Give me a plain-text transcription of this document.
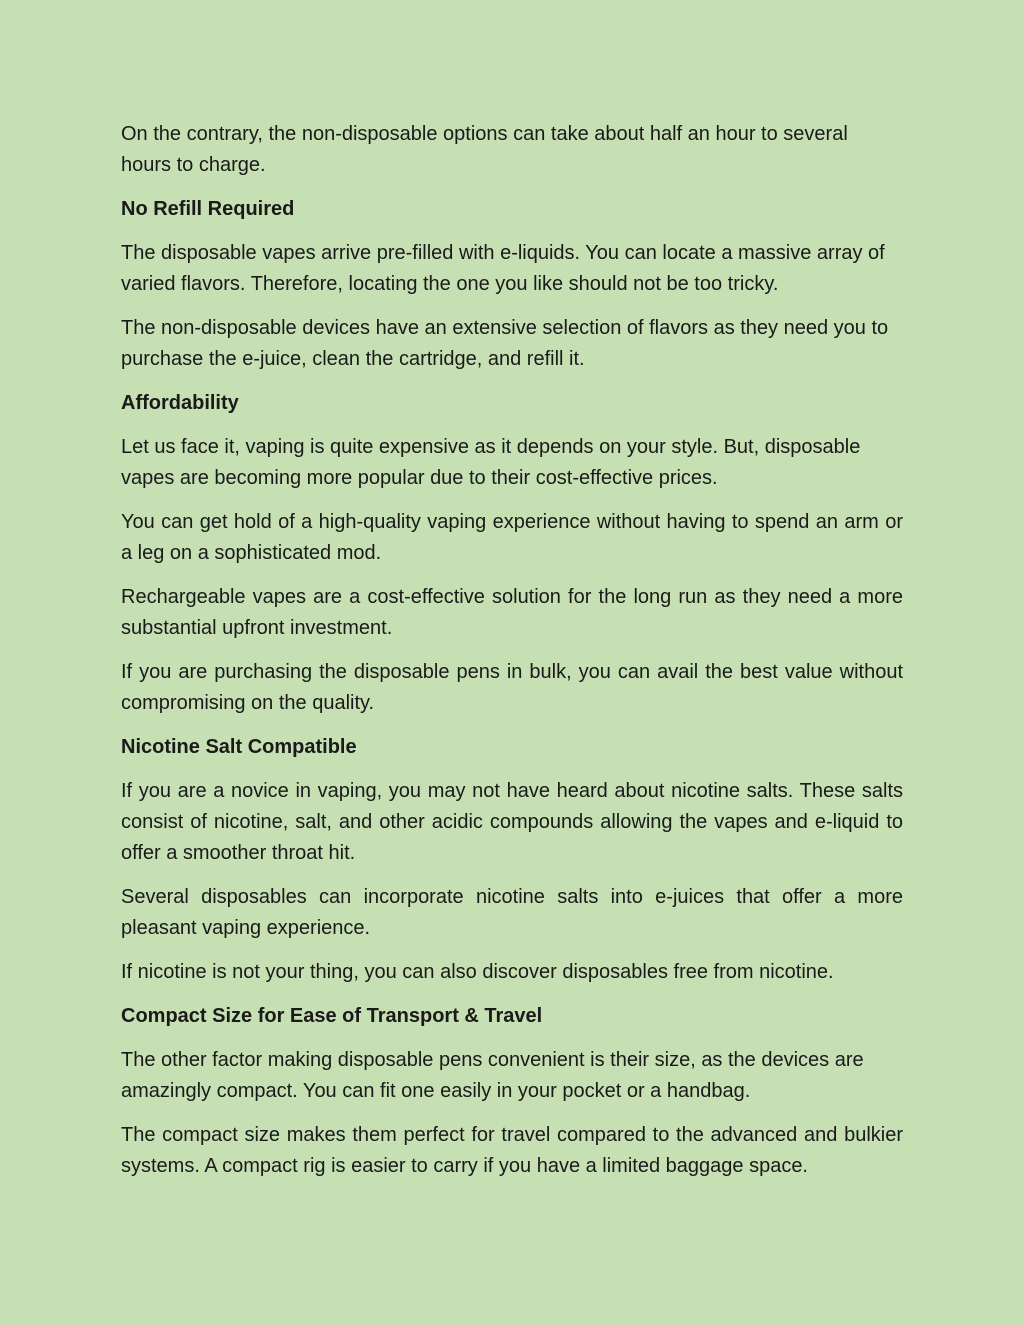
On the contrary, the non-disposable options can take about half an hour to several hours to charge.

No Refill Required

The disposable vapes arrive pre-filled with e-liquids. You can locate a massive array of varied flavors. Therefore, locating the one you like should not be too tricky.

The non-disposable devices have an extensive selection of flavors as they need you to purchase the e-juice, clean the cartridge, and refill it.

Affordability

Let us face it, vaping is quite expensive as it depends on your style. But, disposable vapes are becoming more popular due to their cost-effective prices.

You can get hold of a high-quality vaping experience without having to spend an arm or a leg on a sophisticated mod.

Rechargeable vapes are a cost-effective solution for the long run as they need a more substantial upfront investment.

If you are purchasing the disposable pens in bulk, you can avail the best value without compromising on the quality.

Nicotine Salt Compatible

If you are a novice in vaping, you may not have heard about nicotine salts. These salts consist of nicotine, salt, and other acidic compounds allowing the vapes and e-liquid to offer a smoother throat hit.

Several disposables can incorporate nicotine salts into e-juices that offer a more pleasant vaping experience.

If nicotine is not your thing, you can also discover disposables free from nicotine.

Compact Size for Ease of Transport & Travel

The other factor making disposable pens convenient is their size, as the devices are amazingly compact. You can fit one easily in your pocket or a handbag.

The compact size makes them perfect for travel compared to the advanced and bulkier systems. A compact rig is easier to carry if you have a limited baggage space.
